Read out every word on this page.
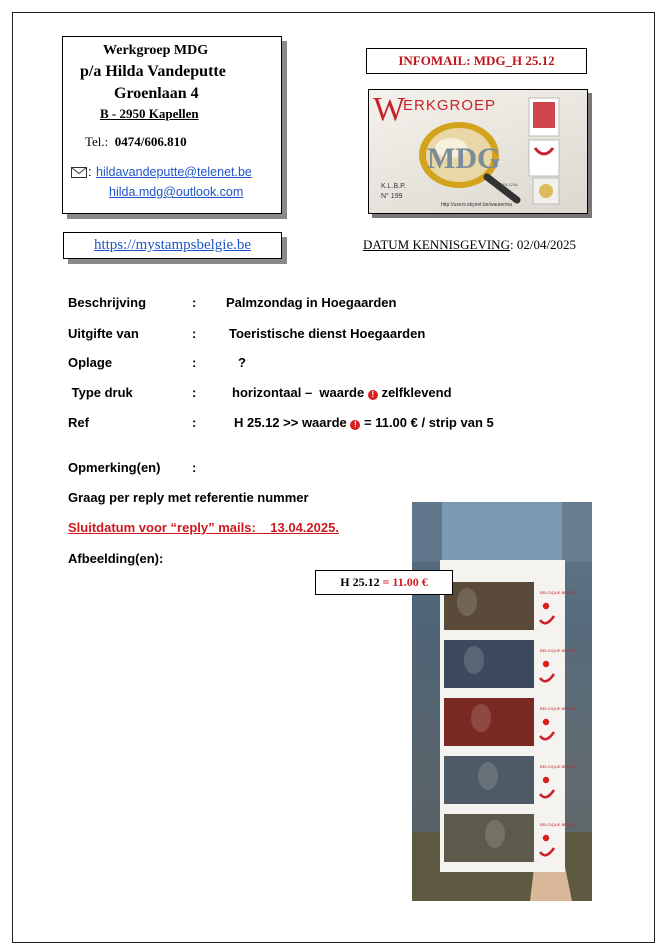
Werkgroep MDG
p/a Hilda Vandeputte
Groenlaan 4
B - 2950 Kapellen
Tel.: 0474/606.810
: hildavandeputte@telenet.be
hilda.mdg@outlook.com
INFOMAIL: MDG_H 25.12
W
ERKGROEP
MDG
K.L.B.P.
N° 199
http://users.skynet.be/wauterma
IAFA 1216
https://mystampsbelgie.be	DATUM KENNISGEVING: 02/04/2025
Beschrijving	: Palmzondag in Hoegaarden
Uitgifte van	:	Toeristische dienst Hoegaarden
Oplage	:	?
Type druk	:	horizontaal –  waarde ! zelfklevend
Ref	:	H 25.12 >> waarde ! = 11.00 € / strip van 5
Opmerking(en) :
Graag per reply met referentie nummer
Sluitdatum voor “reply” mails:    13.04.2025.
Afbeelding(en):
BELGIQUE BELGIË
BELGIQUE BELGIË
BELGIQUE BELGIË
BELGIQUE BELGIË
BELGIQUE BELGIË
H 25.12 = 11.00 €
